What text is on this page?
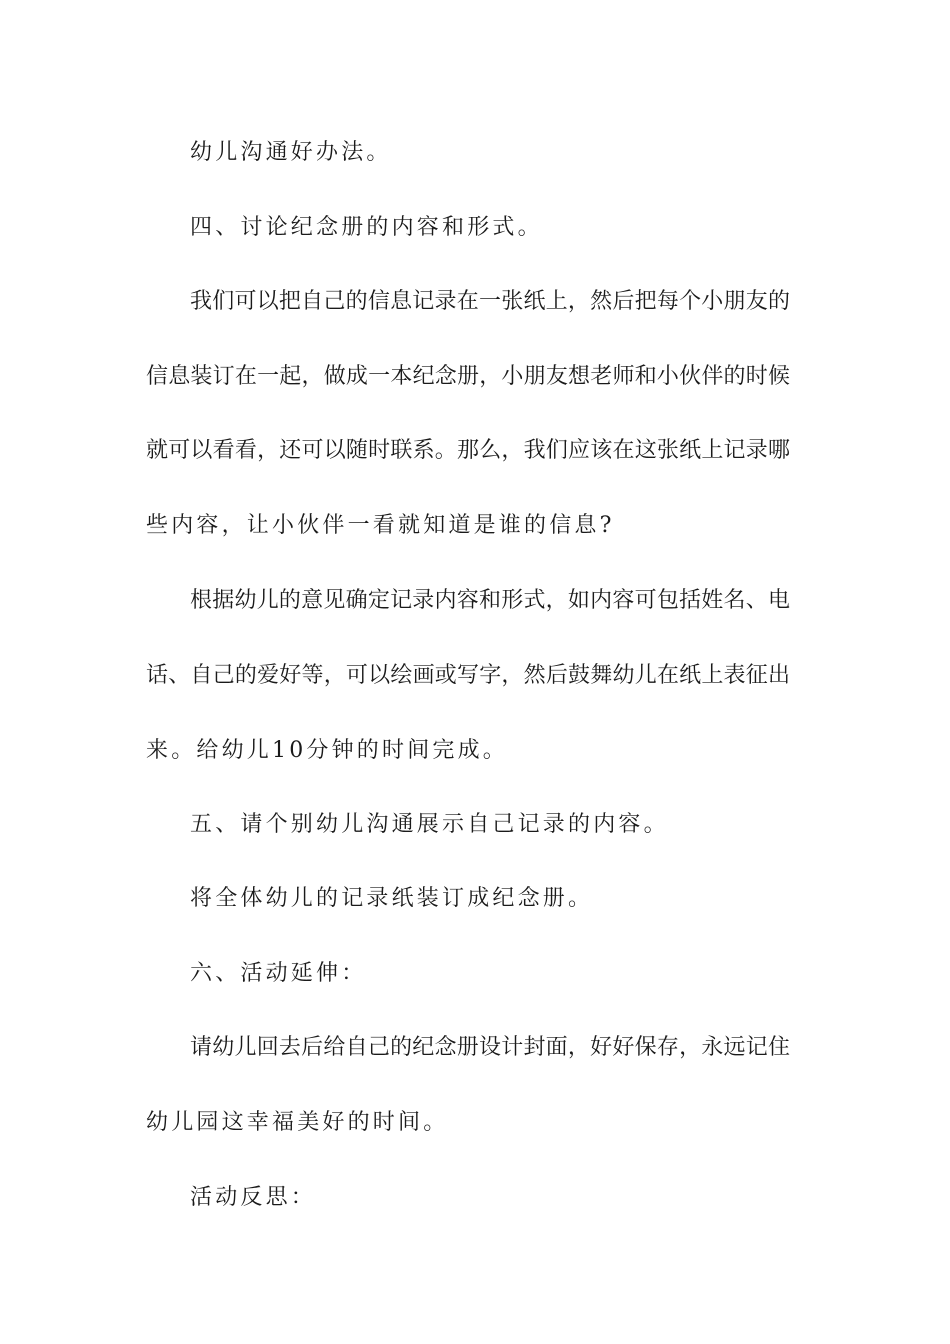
幼儿沟通好办法。
四、讨论纪念册的内容和形式。
我们可以把自己的信息记录在一张纸上，然后把每个小朋友的
信息装订在一起，做成一本纪念册，小朋友想老师和小伙伴的时候
就可以看看，还可以随时联系。那么，我们应该在这张纸上记录哪
些内容，让小伙伴一看就知道是谁的信息?
根据幼儿的意见确定记录内容和形式，如内容可包括姓名、电
话、自己的爱好等，可以绘画或写字，然后鼓舞幼儿在纸上表征出
来。给幼儿10分钟的时间完成。
五、请个别幼儿沟通展示自己记录的内容。
将全体幼儿的记录纸装订成纪念册。
六、活动延伸：
请幼儿回去后给自己的纪念册设计封面，好好保存，永远记住
幼儿园这幸福美好的时间。
活动反思：
